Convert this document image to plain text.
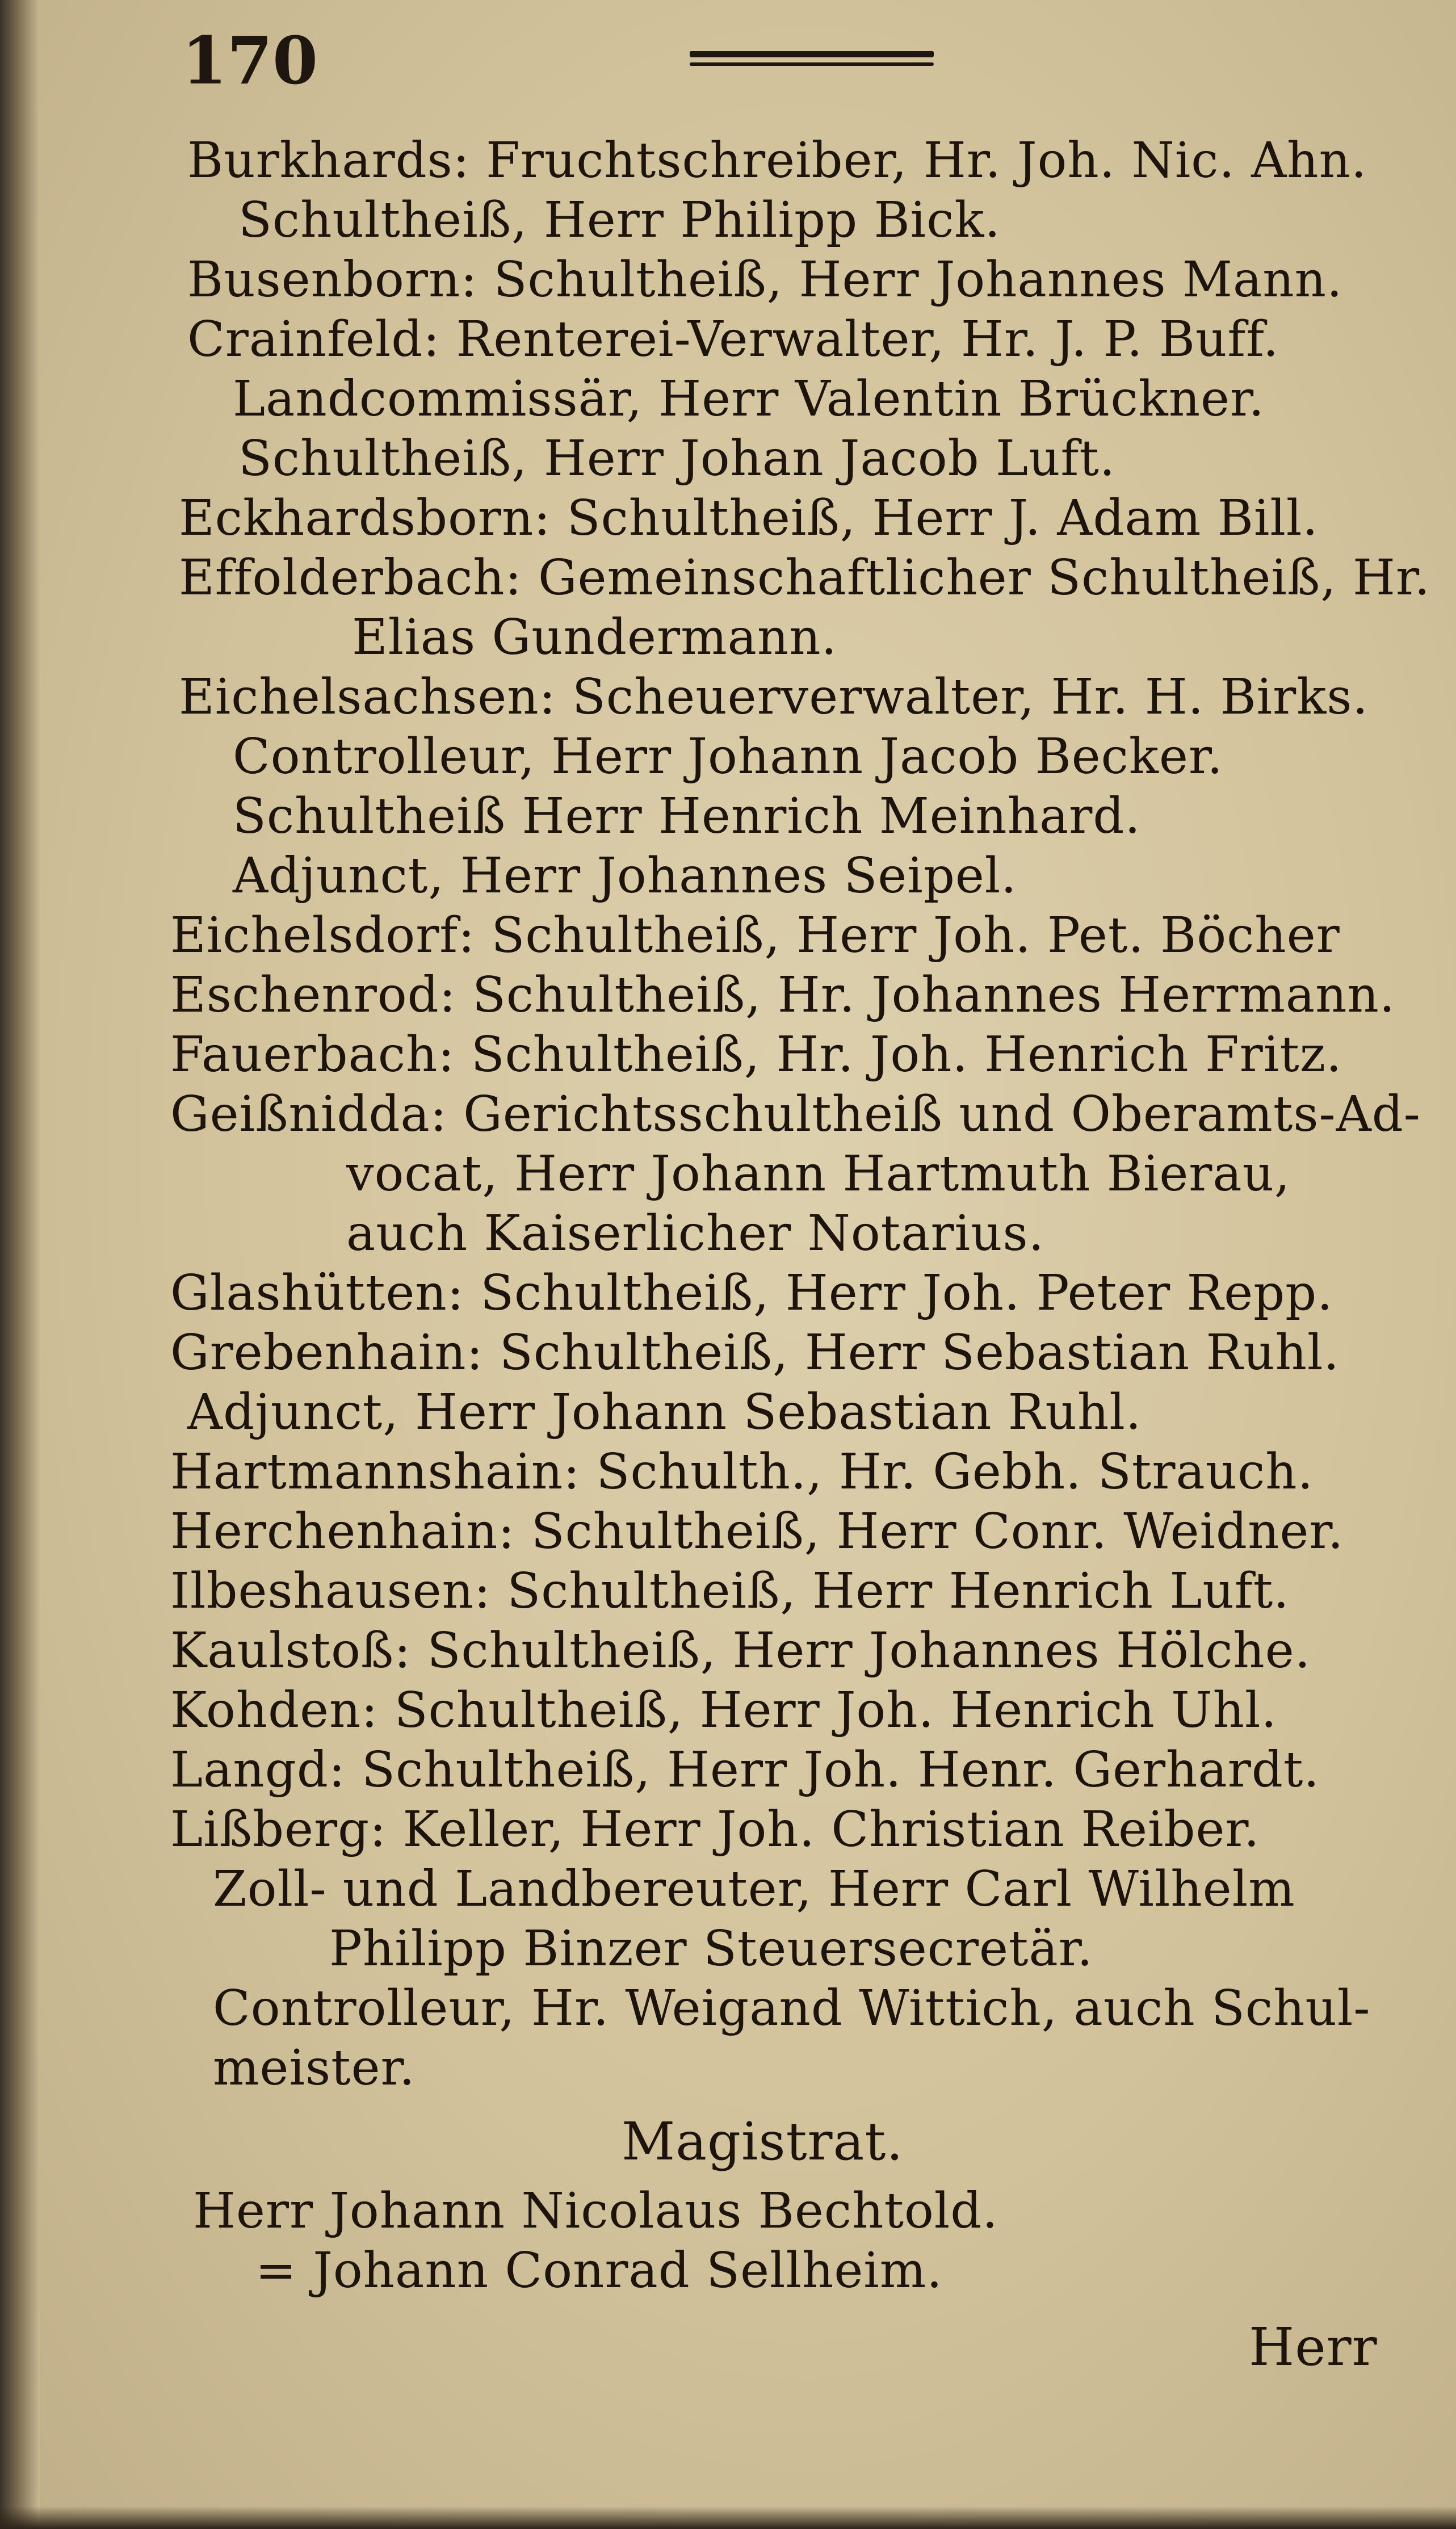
170
Burkhards: Fruchtschreiber, Hr. Joh. Nic. Ahn.
Schultheiß, Herr Philipp Bick.
Busenborn: Schultheiß, Herr Johannes Mann.
Crainfeld: Renterei-Verwalter, Hr. J. P. Buff.
Landcommissär, Herr Valentin Brückner.
Schultheiß, Herr Johan Jacob Luft.
Eckhardsborn: Schultheiß, Herr J. Adam Bill.
Effolderbach: Gemeinschaftlicher Schultheiß, Hr.
Elias Gundermann.
Eichelsachsen: Scheuerverwalter, Hr. H. Birks.
Controlleur, Herr Johann Jacob Becker.
Schultheiß Herr Henrich Meinhard.
Adjunct, Herr Johannes Seipel.
Eichelsdorf: Schultheiß, Herr Joh. Pet. Böcher
Eschenrod: Schultheiß, Hr. Johannes Herrmann.
Fauerbach: Schultheiß, Hr. Joh. Henrich Fritz.
Geißnidda: Gerichtsschultheiß und Oberamts-Ad-
vocat, Herr Johann Hartmuth Bierau,
auch Kaiserlicher Notarius.
Glashütten: Schultheiß, Herr Joh. Peter Repp.
Grebenhain: Schultheiß, Herr Sebastian Ruhl.
Adjunct, Herr Johann Sebastian Ruhl.
Hartmannshain: Schulth., Hr. Gebh. Strauch.
Herchenhain: Schultheiß, Herr Conr. Weidner.
Ilbeshausen: Schultheiß, Herr Henrich Luft.
Kaulstoß: Schultheiß, Herr Johannes Hölche.
Kohden: Schultheiß, Herr Joh. Henrich Uhl.
Langd: Schultheiß, Herr Joh. Henr. Gerhardt.
Lißberg: Keller, Herr Joh. Christian Reiber.
Zoll- und Landbereuter, Herr Carl Wilhelm
Philipp Binzer Steuersecretär.
Controlleur, Hr. Weigand Wittich, auch Schul-
meister.
Magistrat.
Herr Johann Nicolaus Bechtold.
= Johann Conrad Sellheim.
Herr
